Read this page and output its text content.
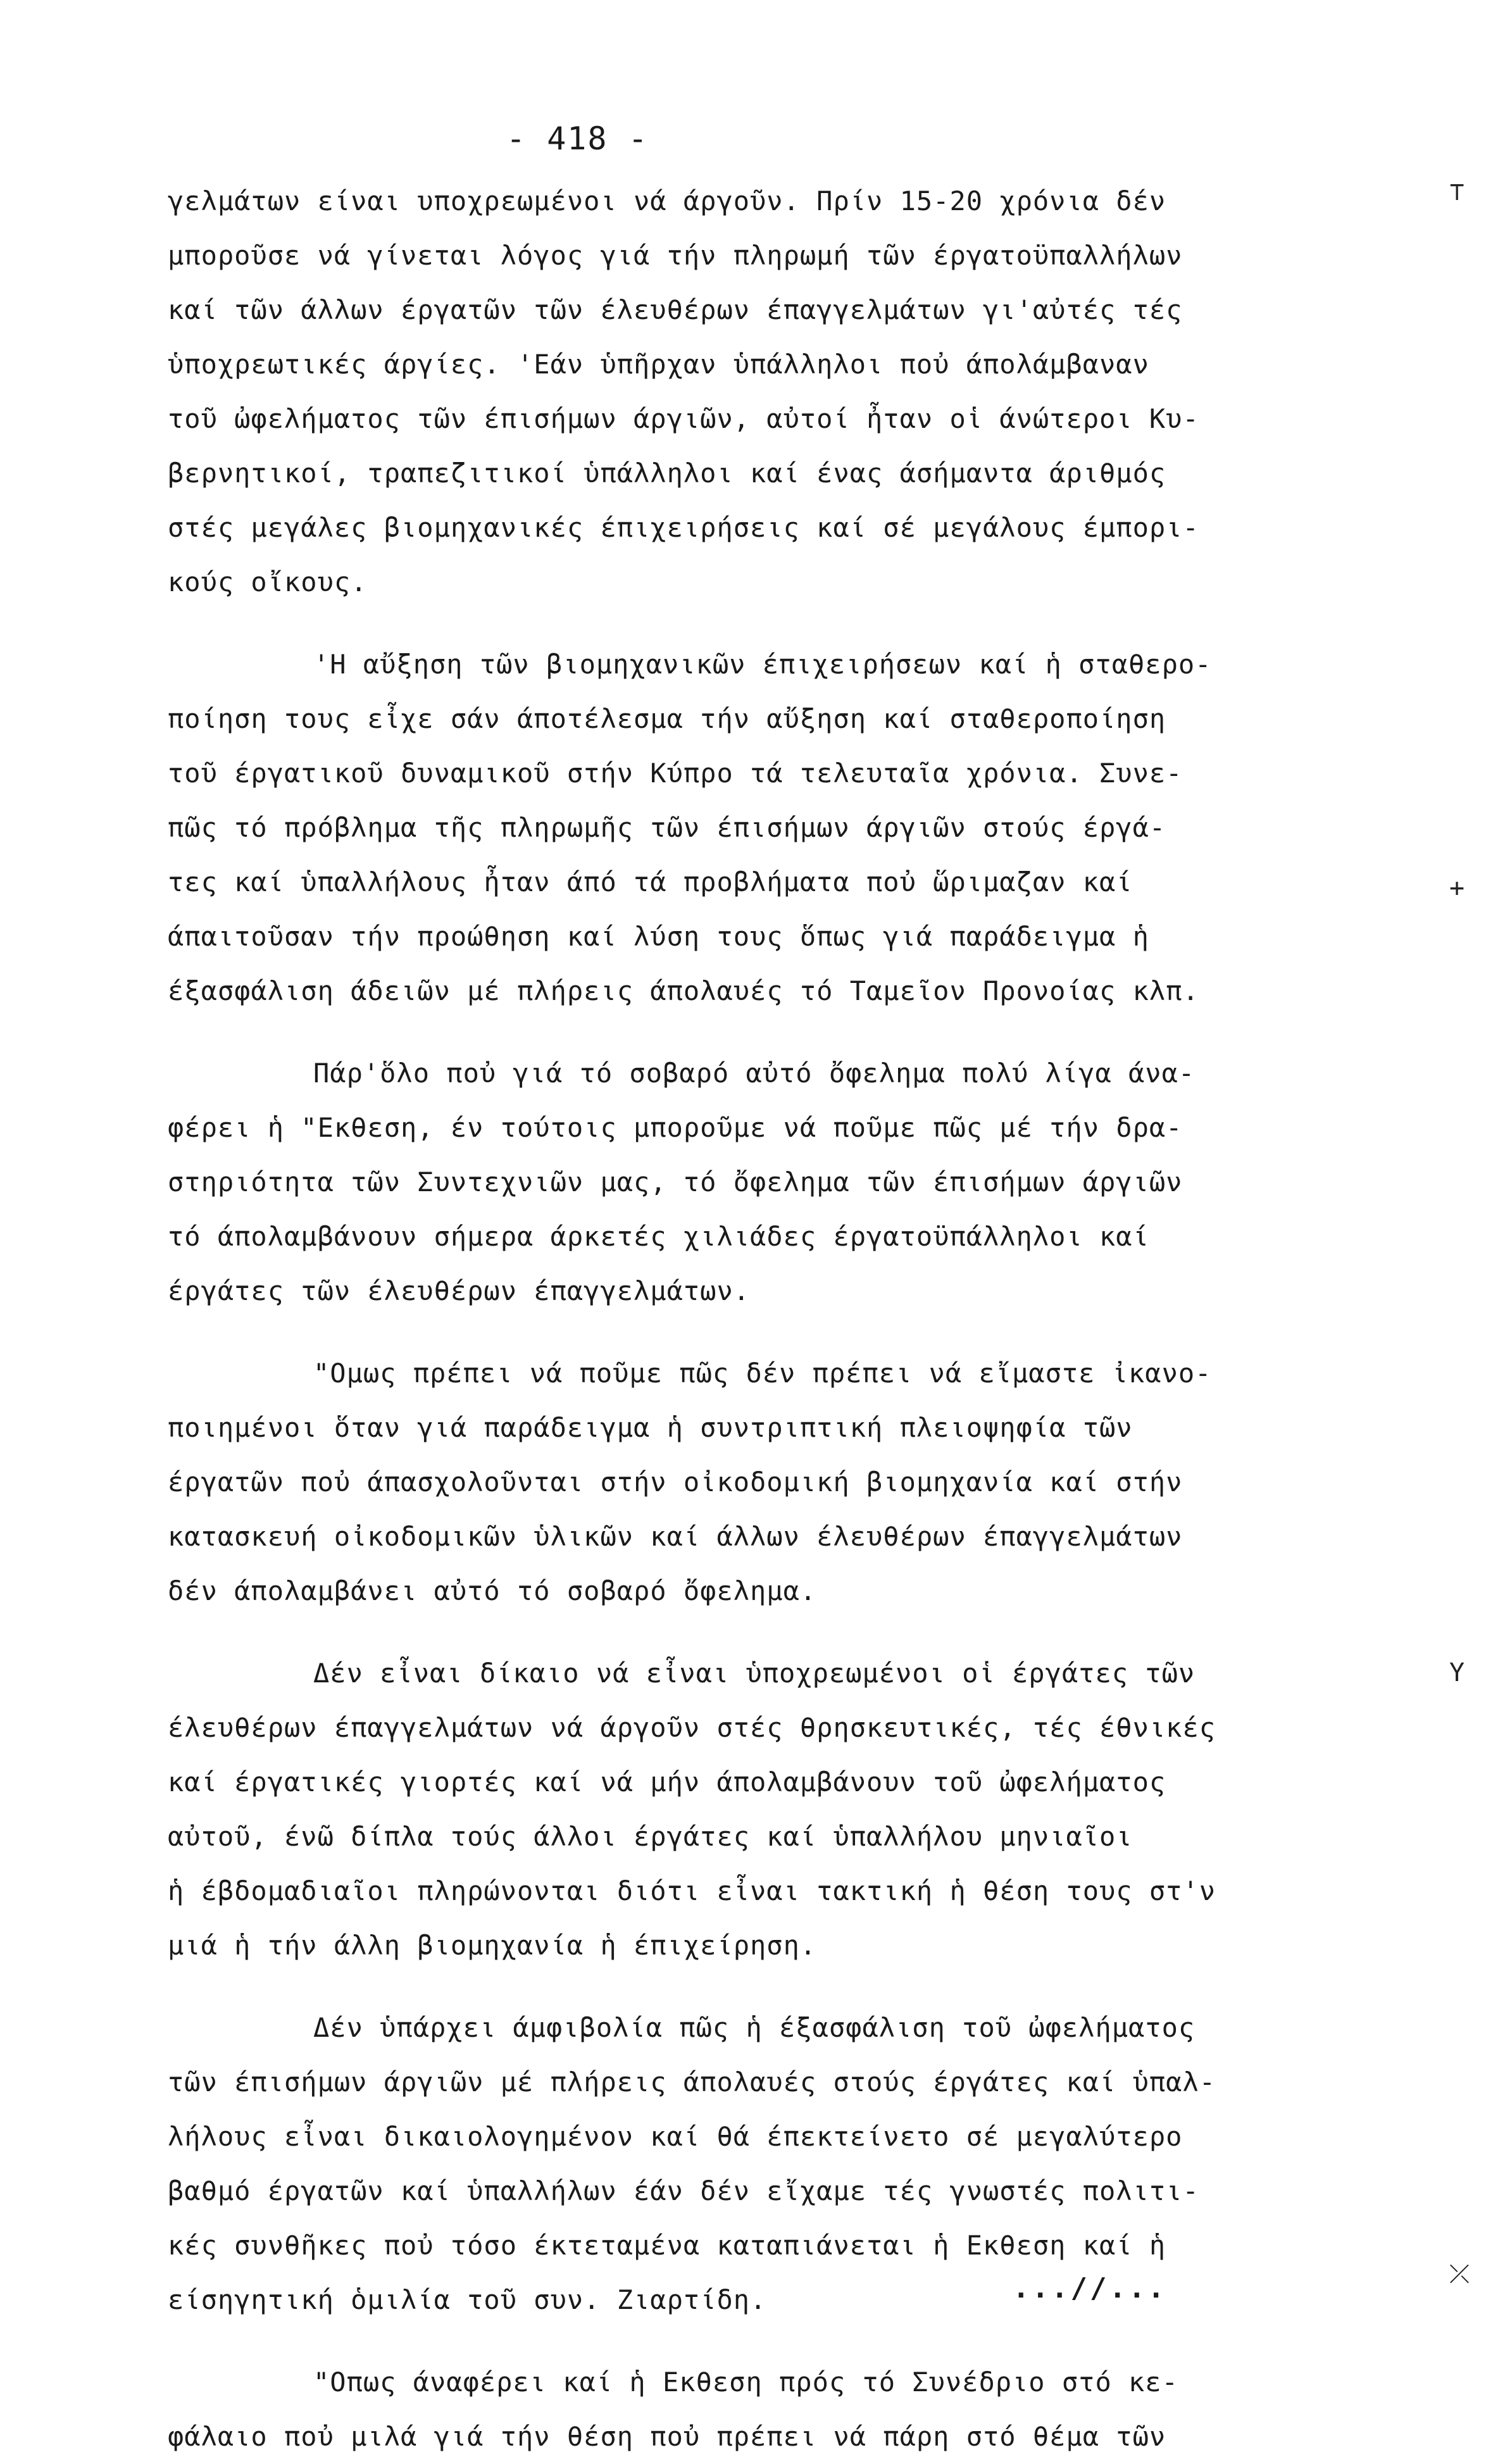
- 418 -
γελμάτων είναι υποχρεωμένοι νά άργοῦν. Πρίν 15-20 χρόνια δέν
μποροῦσε νά γίνεται λόγος γιά τήν πληρωμή τῶν έργατοϋπαλλήλων
καί τῶν άλλων έργατῶν τῶν έλευθέρων έπαγγελμάτων γι'αὐτές τές
ὑποχρεωτικές άργίες. 'Εάν ὑπῆρχαν ὑπάλληλοι ποὐ άπολάμβαναν
τοῦ ὠφελήματος τῶν έπισήμων άργιῶν, αὐτοί ἦταν οἱ άνώτεροι Κυ-
βερνητικοί, τραπεζιτικοί ὑπάλληλοι καί ένας άσήμαντα άριθμός
στές μεγάλες βιομηχανικές έπιχειρήσεις καί σέ μεγάλους έμπορι-
κούς οἴκους.
'Η αὔξηση τῶν βιομηχανικῶν έπιχειρήσεων καί ἡ σταθερο-
ποίηση τους εἶχε σάν άποτέλεσμα τήν αὔξηση καί σταθεροποίηση
τοῦ έργατικοῦ δυναμικοῦ στήν Κύπρο τά τελευταῖα χρόνια. Συνε-
πῶς τό πρόβλημα τῆς πληρωμῆς τῶν έπισήμων άργιῶν στούς έργά-
τες καί ὑπαλλήλους ἦταν άπό τά προβλήματα ποὐ ὥριμαζαν καί
άπαιτοῦσαν τήν προώθηση καί λύση τους ὅπως γιά παράδειγμα ἡ
έξασφάλιση άδειῶν μέ πλήρεις άπολαυές τό Ταμεῖον Προνοίας κλπ.
Πάρ'ὅλο ποὐ γιά τό σοβαρό αὐτό ὄφελημα πολύ λίγα άνα-
φέρει ἡ "Εκθεση, έν τούτοις μποροῦμε νά ποῦμε πῶς μέ τήν δρα-
στηριότητα τῶν Συντεχνιῶν μας, τό ὄφελημα τῶν έπισήμων άργιῶν
τό άπολαμβάνουν σήμερα άρκετές χιλιάδες έργατοϋπάλληλοι καί
έργάτες τῶν έλευθέρων έπαγγελμάτων.
"Ομως πρέπει νά ποῦμε πῶς δέν πρέπει νά εἴμαστε ἰκανο-
ποιημένοι ὅταν γιά παράδειγμα ἡ συντριπτική πλειοψηφία τῶν
έργατῶν ποὐ άπασχολοῦνται στήν οἰκοδομική βιομηχανία καί στήν
κατασκευή οἰκοδομικῶν ὑλικῶν καί άλλων έλευθέρων έπαγγελμάτων
δέν άπολαμβάνει αὐτό τό σοβαρό ὄφελημα.
Δέν εἶναι δίκαιο νά εἶναι ὑποχρεωμένοι οἱ έργάτες τῶν
έλευθέρων έπαγγελμάτων νά άργοῦν στές θρησκευτικές, τές έθνικές
καί έργατικές γιορτές καί νά μήν άπολαμβάνουν τοῦ ὠφελήματος
αὐτοῦ, ένῶ δίπλα τούς άλλοι έργάτες καί ὑπαλλήλου μηνιαῖοι
ἡ έβδομαδιαῖοι πληρώνονται διότι εἶναι τακτική ἡ θέση τους στ'ν
μιά ἡ τήν άλλη βιομηχανία ἡ έπιχείρηση.
Δέν ὑπάρχει άμφιβολία πῶς ἡ έξασφάλιση τοῦ ὠφελήματος
τῶν έπισήμων άργιῶν μέ πλήρεις άπολαυές στούς έργάτες καί ὑπαλ-
λήλους εἶναι δικαιολογημένον καί θά έπεκτείνετο σέ μεγαλύτερο
βαθμό έργατῶν καί ὑπαλλήλων έάν δέν εἴχαμε τές γνωστές πολιτι-
κές συνθῆκες ποὐ τόσο έκτεταμένα καταπιάνεται ἡ Εκθεση καί ἡ
είσηγητική ὁμιλία τοῦ συν. Ζιαρτίδη.
"Οπως άναφέρει καί ἡ Εκθεση πρός τό Συνέδριο στό κε-
φάλαιο ποὐ μιλά γιά τήν θέση ποὐ πρέπει νά πάρη στό θέμα τῶν
...//...
⊤
+
Υ
⤫
